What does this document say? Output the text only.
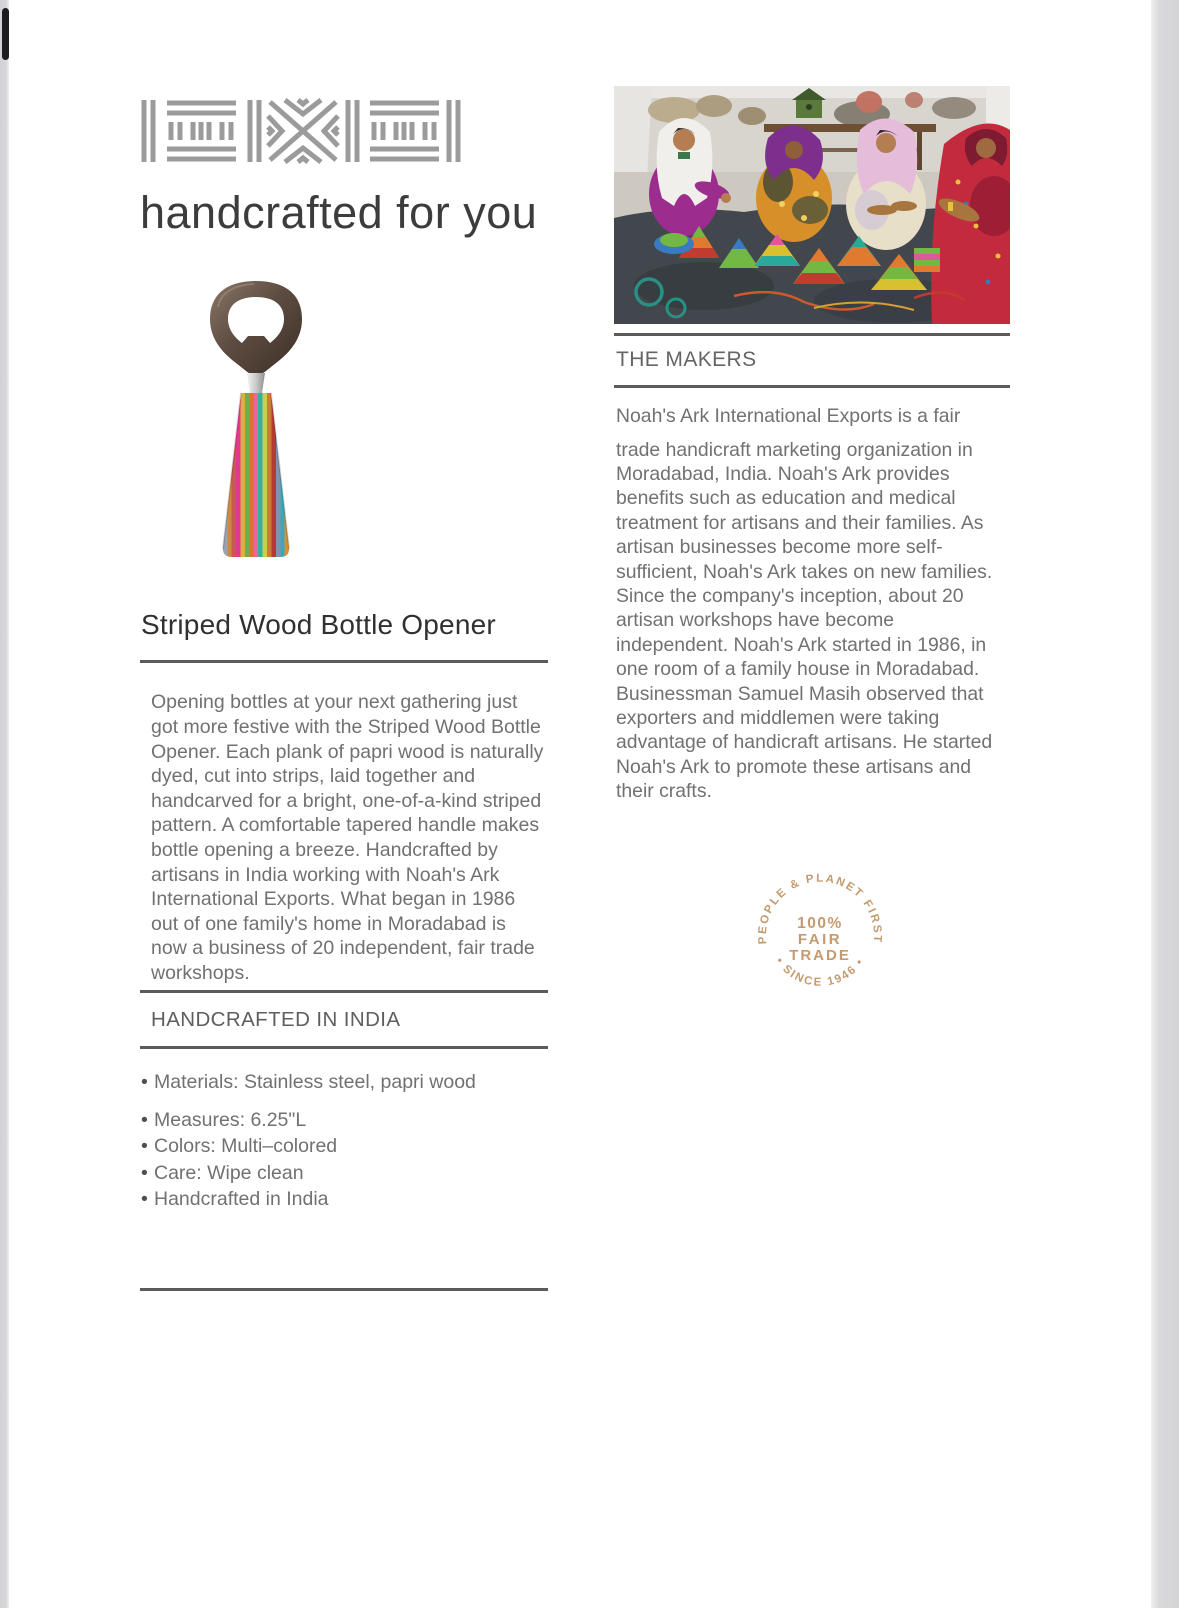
handcrafted for you
Striped Wood Bottle Opener

Opening bottles at your next gathering just got more festive with the Striped Wood Bottle Opener. Each plank of papri wood is naturally dyed, cut into strips, laid together and handcarved for a bright, one-of-a-kind striped pattern. A comfortable tapered handle makes bottle opening a breeze. Handcrafted by artisans in India working with Noah's Ark International Exports. What began in 1986 out of one family's home in Moradabad is now a business of 20 independent, fair trade workshops.

HANDCRAFTED IN INDIA
• Materials: Stainless steel, papri wood
• Measures: 6.25"L
• Colors: Multi–colored
• Care: Wipe clean
• Handcrafted in India
THE MAKERS

Noah's Ark International Exports is a fair

trade handicraft marketing organization in Moradabad, India. Noah's Ark provides benefits such as education and medical treatment for artisans and their families. As artisan businesses become more self-sufficient, Noah's Ark takes on new families. Since the company's inception, about 20 artisan workshops have become independent. Noah's Ark started in 1986, in one room of a family house in Moradabad. Businessman Samuel Masih observed that exporters and middlemen were taking advantage of handicraft artisans. He started Noah's Ark to promote these artisans and their crafts.

PEOPLE & PLANET FIRST
• SINCE 1946 •
100%
FAIR
TRADE
